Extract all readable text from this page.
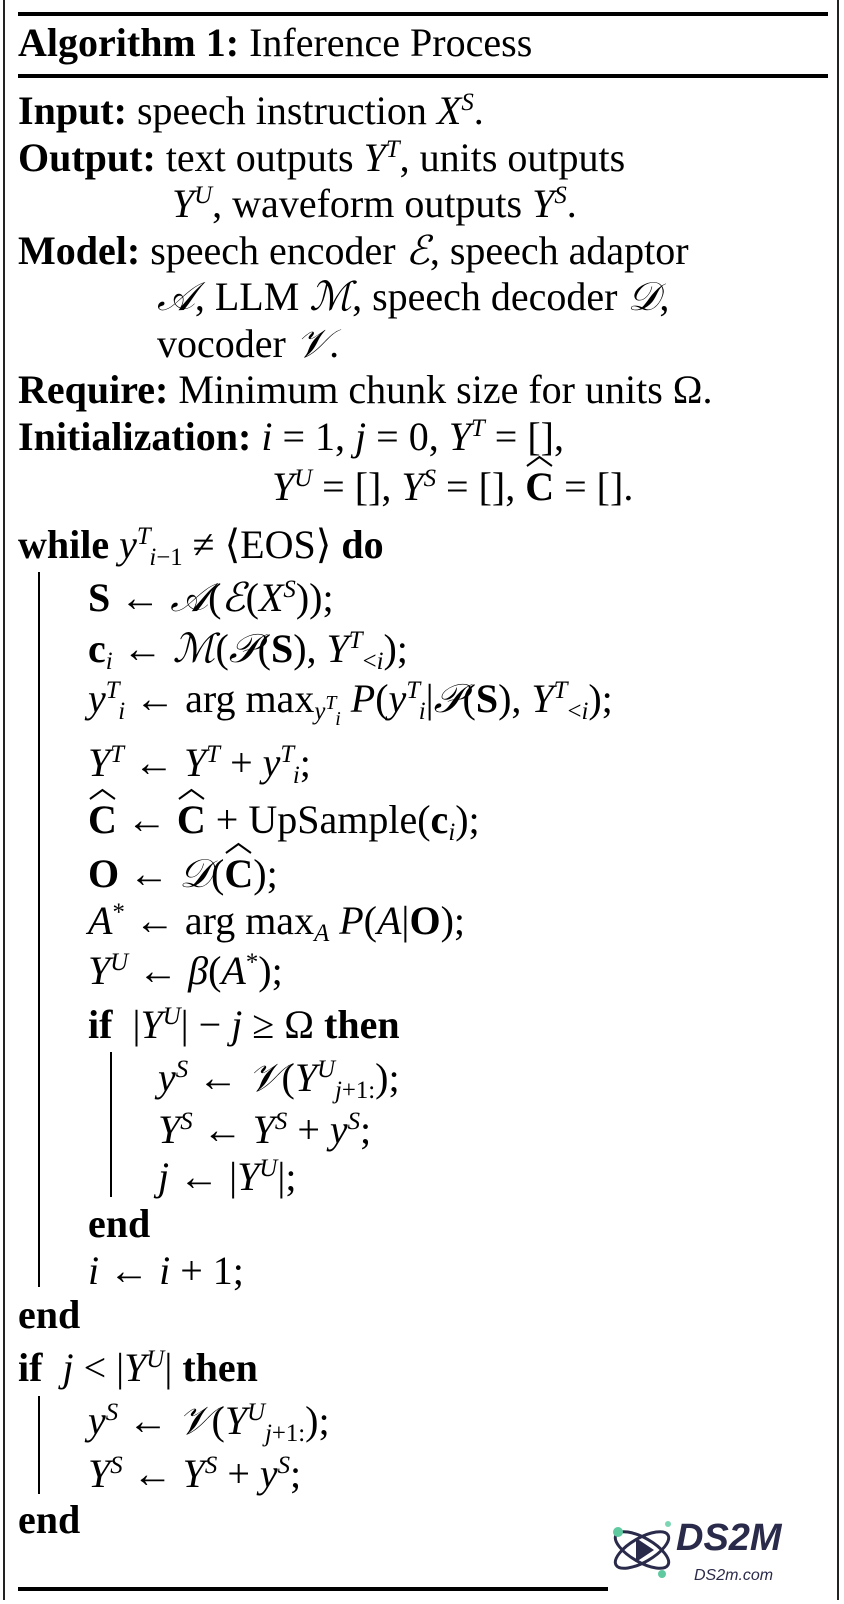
Algorithm 1: Inference Process
Input: speech instruction $X^S$.
Output: text outputs $Y^T$, units outputs
$Y^U$, waveform outputs $Y^S$.
Model: speech encoder ℰ, speech adaptor
𝒜, LLM ℳ, speech decoder 𝒟,
vocoder 𝒱.
Require: Minimum chunk size for units Ω.
Initialization: i = 1, j = 0, $Y^T$ = [],
$Y^U$ = [], $Y^S$ = [], C
= [].
while $y^T_{i-1}$ ≠ ⟨EOS⟩ do
S ← $𝒜(ℰ(X^S))$;
$c_i$ ← ℳ(𝒫(S), $Y^T_{<i}$);
$y^T_i$ ← arg $\max_{y^T_i}$ $P(y^T_i|𝒫(S)$, $Y^T_{<i}$);
$Y^T$ ← $Y^T + y^T_i$;
C
← C
+ $UpSample(c_i)$;
O ← 𝒟(C
);
A* ← arg $\max_A P(A|O)$;
$Y^U$ ← β(A*);
if  $|Y^U| - j \ge \Omega$ then
$y^S$ ← $𝒱(Y^U_{j+1:})$;
$Y^S$ ← $Y^S + y^S$;
j ← $|Y^U|$;
end
i ← i + 1;
end
if $j < |Y^U|$ then
$y^S$ ← $𝒱(Y^U_{j+1:})$;
$Y^S$ ← $Y^S + y^S$;
end	DS2M
DS2m.com
